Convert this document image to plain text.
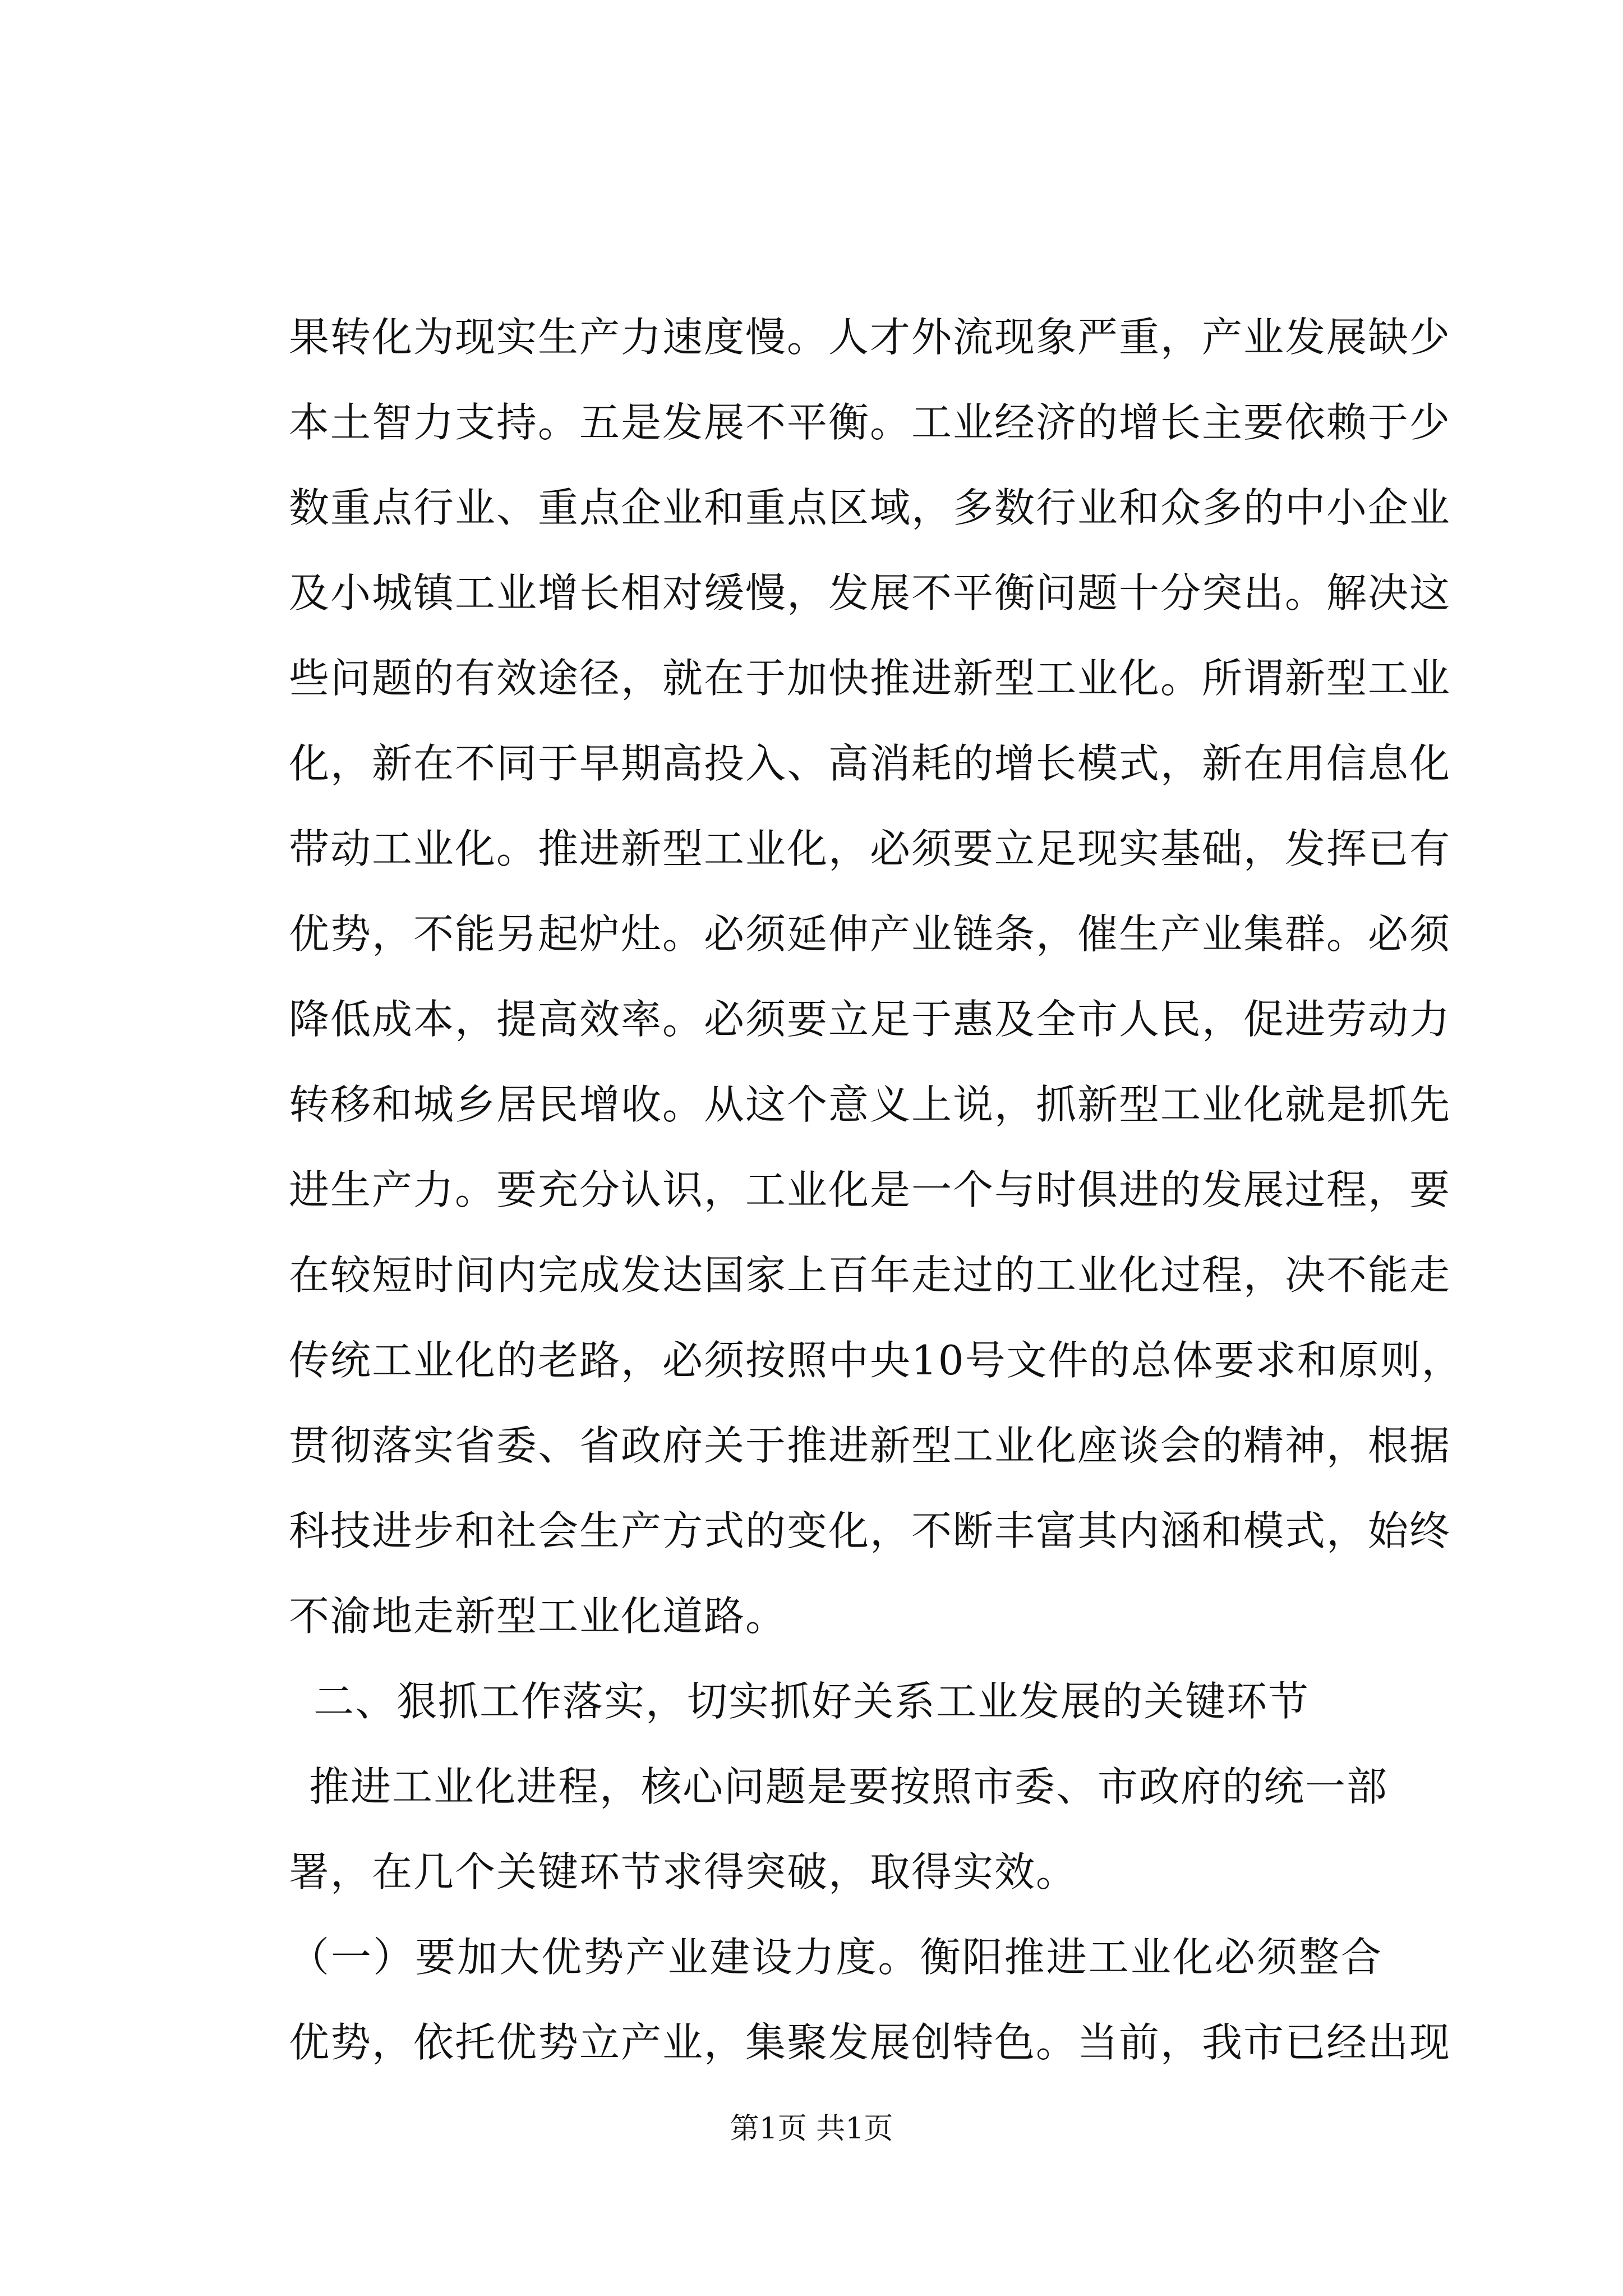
果转化为现实生产力速度慢。人才外流现象严重，产业发展缺少
本土智力支持。五是发展不平衡。工业经济的增长主要依赖于少
数重点行业、重点企业和重点区域，多数行业和众多的中小企业
及小城镇工业增长相对缓慢，发展不平衡问题十分突出。解决这
些问题的有效途径，就在于加快推进新型工业化。所谓新型工业
化，新在不同于早期高投入、高消耗的增长模式，新在用信息化
带动工业化。推进新型工业化，必须要立足现实基础，发挥已有
优势，不能另起炉灶。必须延伸产业链条，催生产业集群。必须
降低成本，提高效率。必须要立足于惠及全市人民，促进劳动力
转移和城乡居民增收。从这个意义上说，抓新型工业化就是抓先
进生产力。要充分认识，工业化是一个与时俱进的发展过程，要
在较短时间内完成发达国家上百年走过的工业化过程，决不能走
传统工业化的老路，必须按照中央10号文件的总体要求和原则，
贯彻落实省委、省政府关于推进新型工业化座谈会的精神，根据
科技进步和社会生产方式的变化，不断丰富其内涵和模式，始终
不渝地走新型工业化道路。
二、狠抓工作落实，切实抓好关系工业发展的关键环节
推进工业化进程，核心问题是要按照市委、市政府的统一部
署，在几个关键环节求得突破，取得实效。
（一）要加大优势产业建设力度。衡阳推进工业化必须整合
优势，依托优势立产业，集聚发展创特色。当前，我市已经出现
第1页 共1页
